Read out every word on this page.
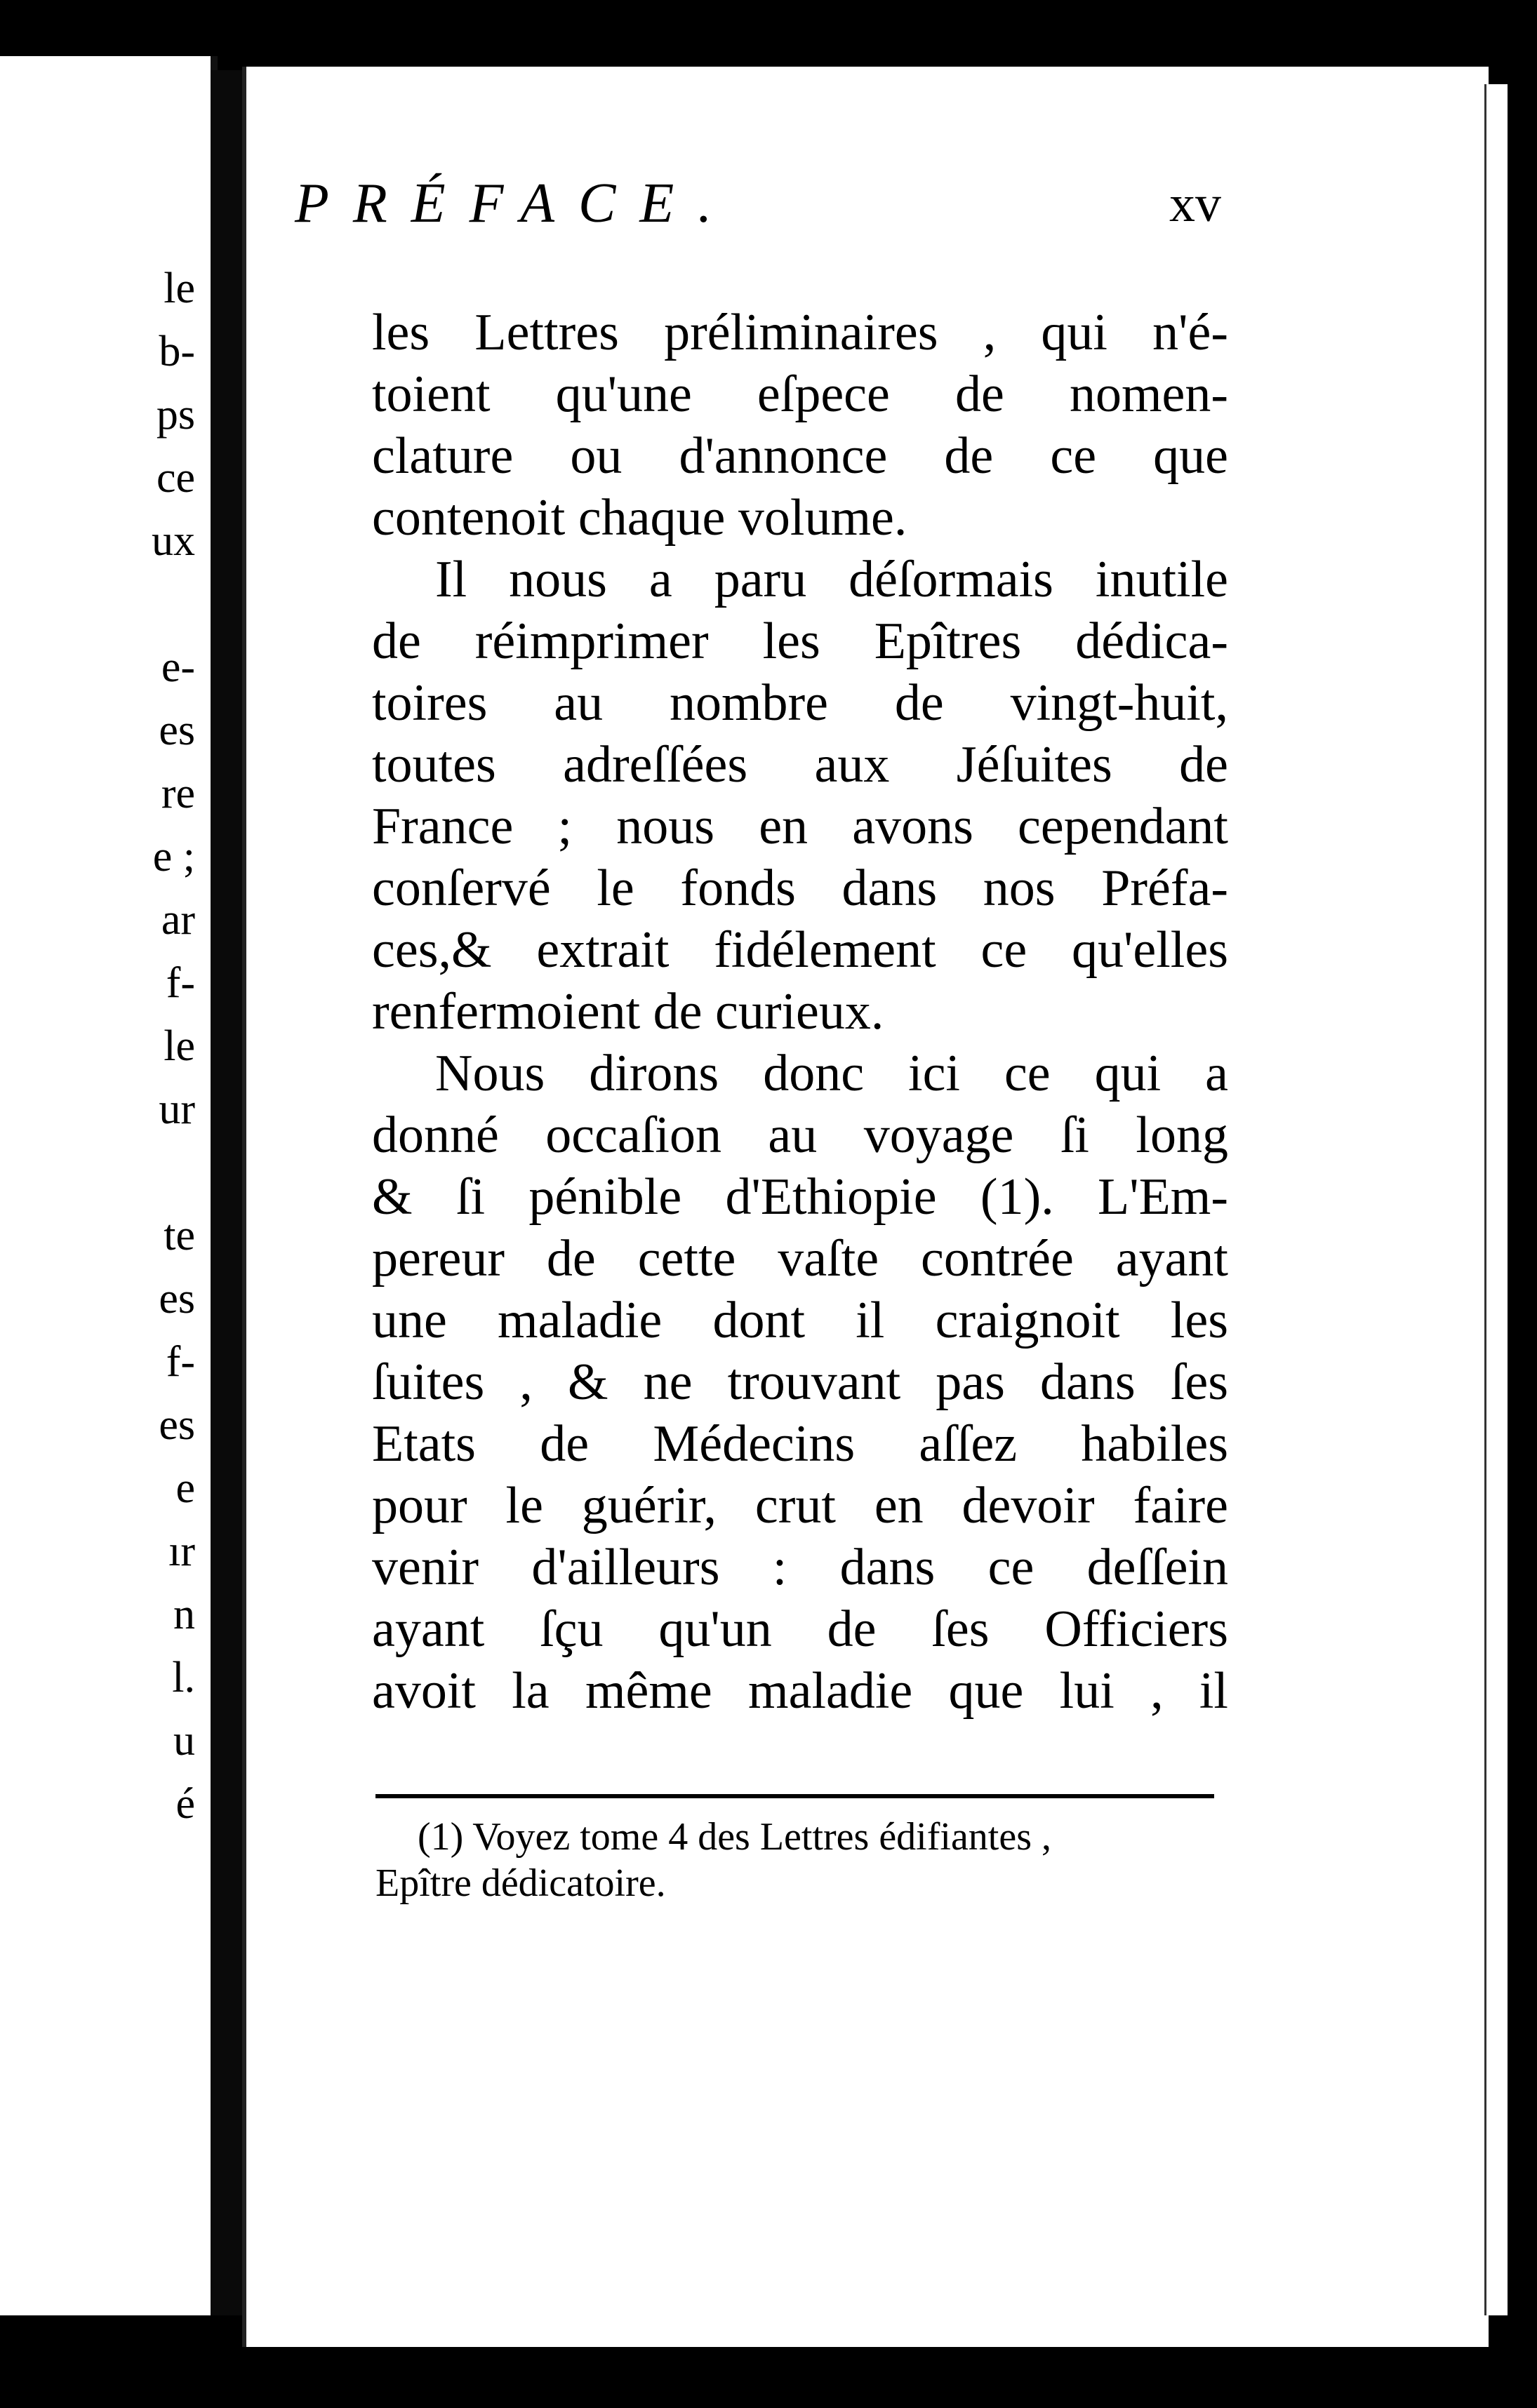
le
b-
ps
ce
ux
e-
es
re
e ;
ar
f-
le
ur
te
es
f-
es
e
ır
n
l.
u
é
PRÉFACE.	xv
les Lettres préliminaires , qui n'é-
toient qu'une eſpece de nomen-
clature ou d'annonce de ce que
contenoit chaque volume.
Il nous a paru déſormais inutile
de réimprimer les Epîtres dédica-
toires au nombre de vingt-huit,
toutes adreſſées aux Jéſuites de
France ; nous en avons cependant
conſervé le fonds dans nos Préfa-
ces,& extrait fidélement ce qu'elles
renfermoient de curieux.
Nous dirons donc ici ce qui a
donné occaſion au voyage ſi long
& ſi pénible d'Ethiopie (1). L'Em-
pereur de cette vaſte contrée ayant
une maladie dont il craignoit les
ſuites , & ne trouvant pas dans ſes
Etats de Médecins aſſez habiles
pour le guérir, crut en devoir faire
venir d'ailleurs : dans ce deſſein
ayant ſçu qu'un de ſes Officiers
avoit la même maladie que lui , il
(1) Voyez tome 4 des Lettres édifiantes ,
Epître dédicatoire.
